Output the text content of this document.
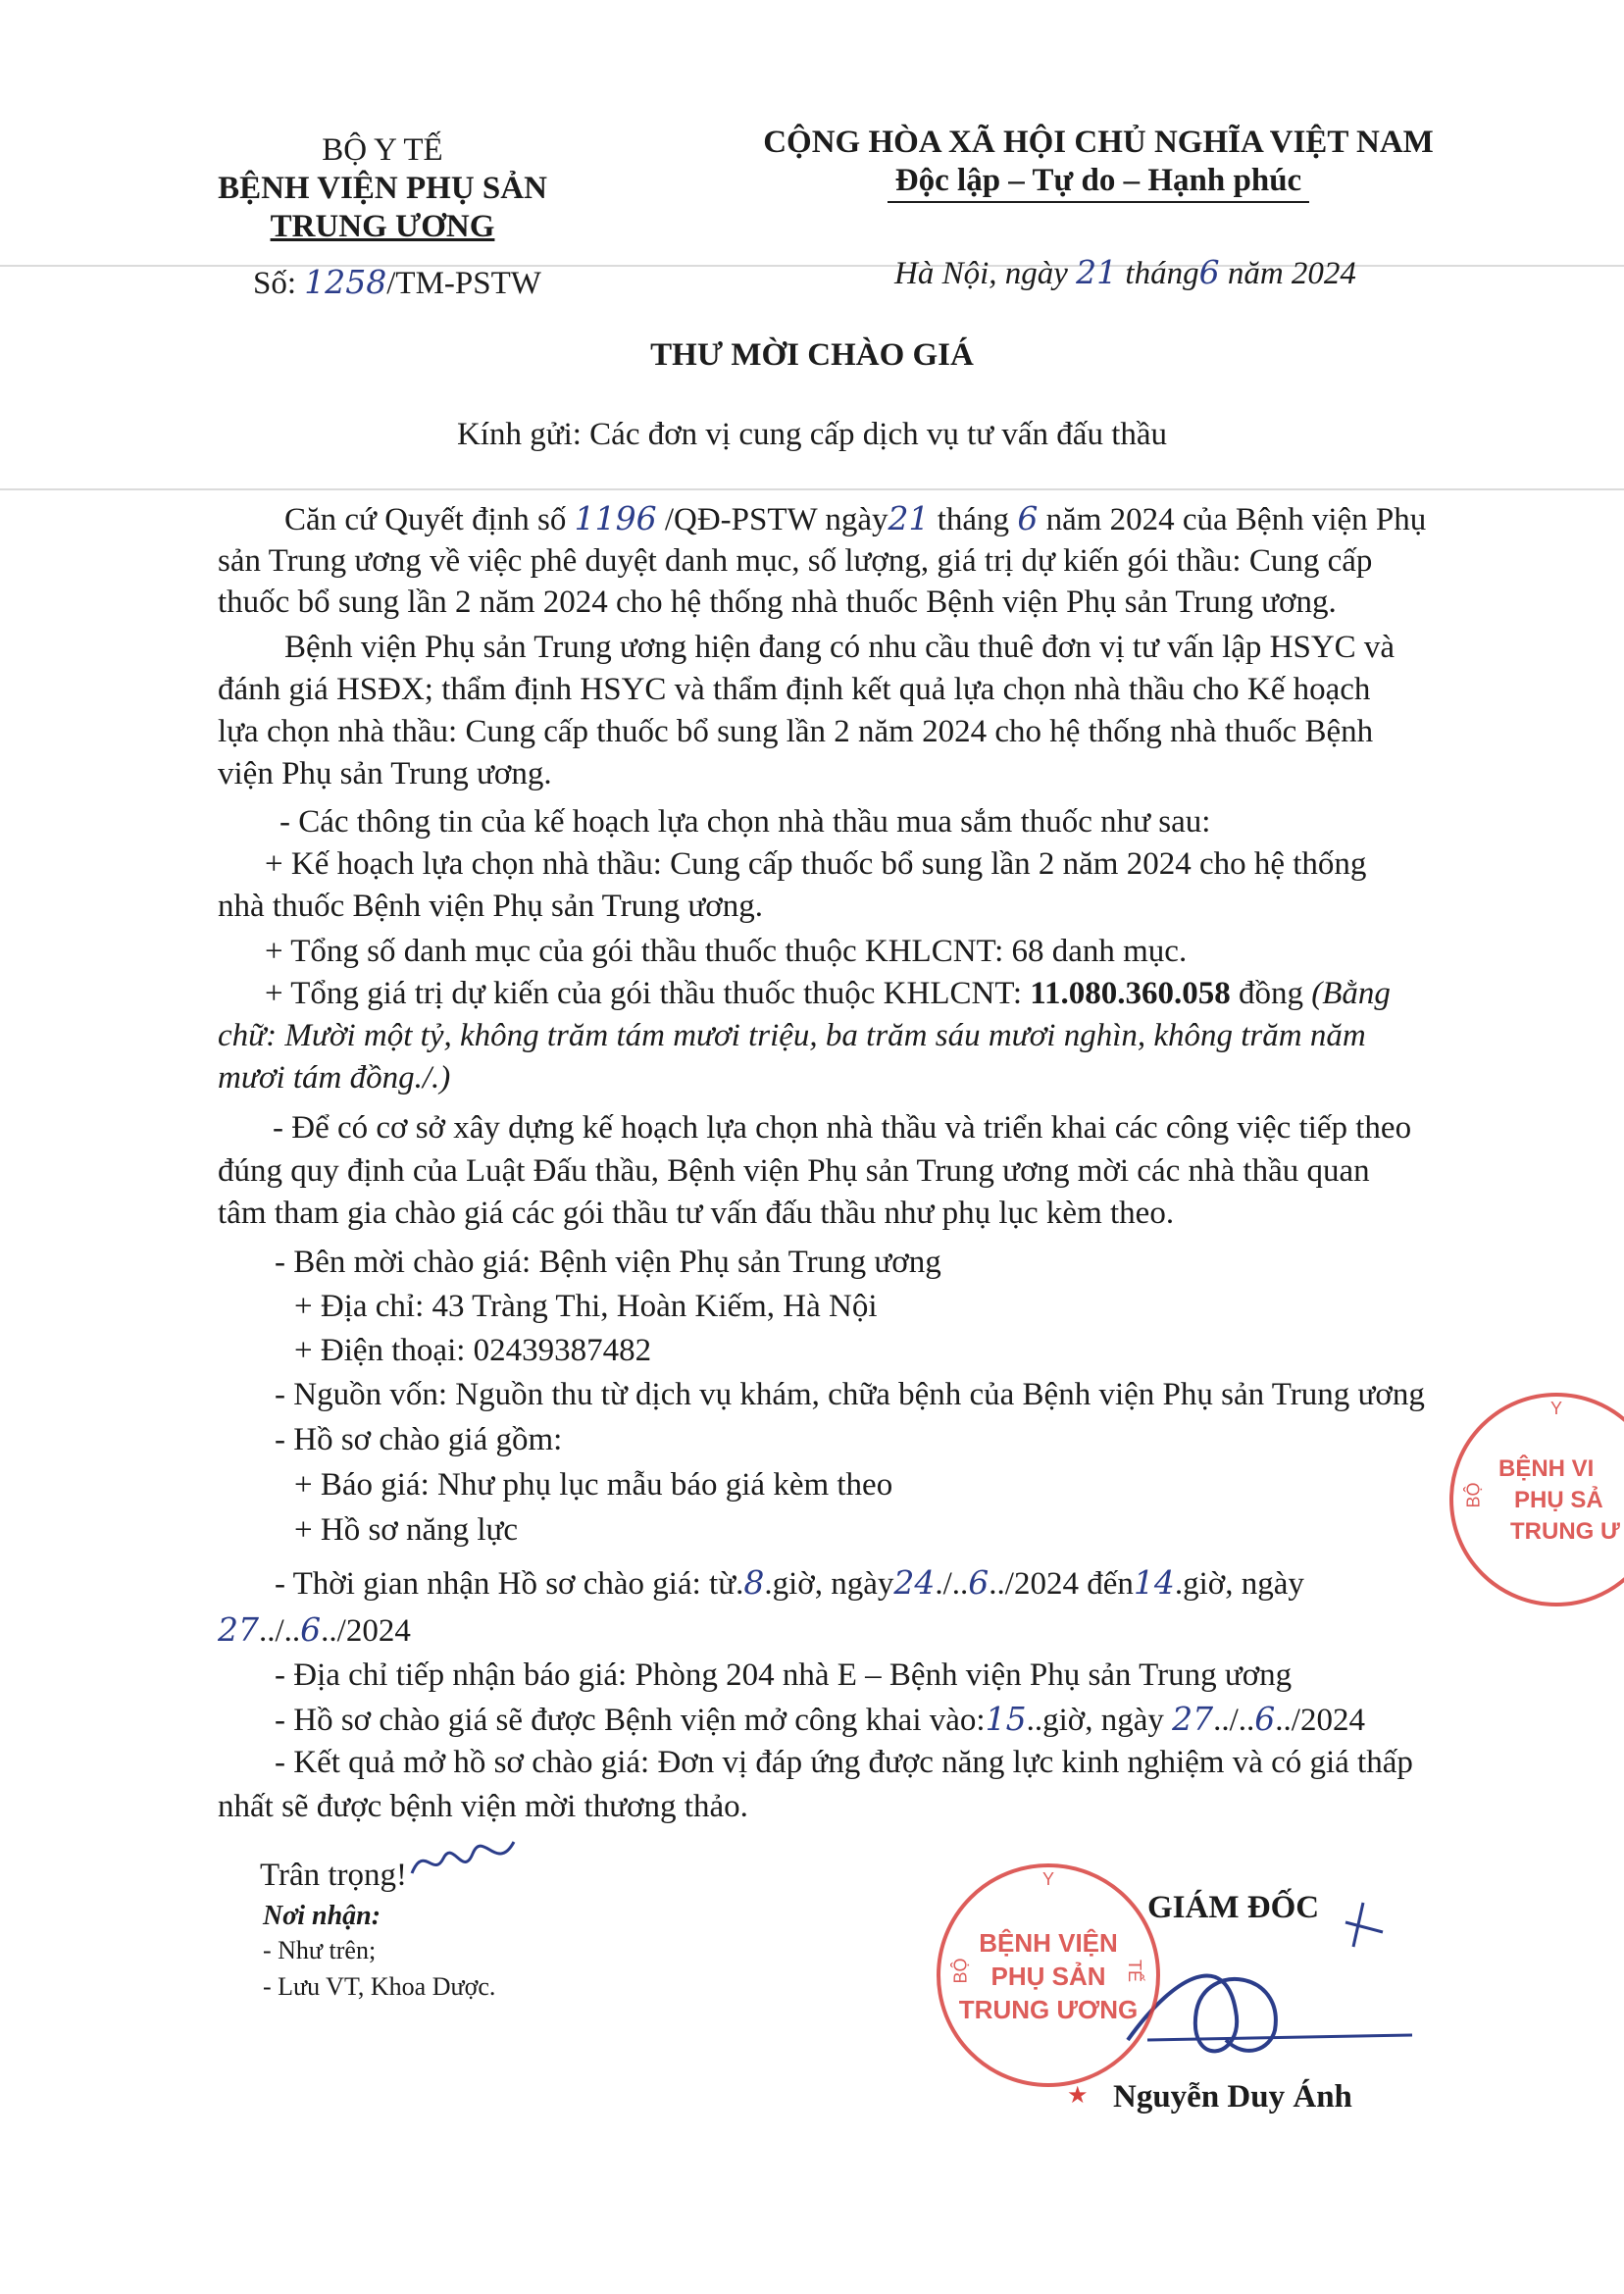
BỘ Y TẾ
BỆNH VIỆN PHỤ SẢN
TRUNG ƯƠNG
Số: 1258/TM-PSTW
CỘNG HÒA XÃ HỘI CHỦ NGHĨA VIỆT NAM
Độc lập – Tự do – Hạnh phúc
Hà Nội, ngày 21 tháng6 năm 2024
THƯ MỜI CHÀO GIÁ
Kính gửi: Các đơn vị cung cấp dịch vụ tư vấn đấu thầu
Căn cứ Quyết định số 1196 /QĐ-PSTW ngày21 tháng 6 năm 2024 của Bệnh viện Phụ
sản Trung ương về việc phê duyệt danh mục, số lượng, giá trị dự kiến gói thầu: Cung cấp
thuốc bổ sung lần 2 năm 2024 cho hệ thống nhà thuốc Bệnh viện Phụ sản Trung ương.
Bệnh viện Phụ sản Trung ương hiện đang có nhu cầu thuê đơn vị tư vấn lập HSYC và
đánh giá HSĐX; thẩm định HSYC và thẩm định kết quả lựa chọn nhà thầu cho Kế hoạch
lựa chọn nhà thầu: Cung cấp thuốc bổ sung lần 2 năm 2024 cho hệ thống nhà thuốc Bệnh
viện Phụ sản Trung ương.
- Các thông tin của kế hoạch lựa chọn nhà thầu mua sắm thuốc như sau:
+ Kế hoạch lựa chọn nhà thầu: Cung cấp thuốc bổ sung lần 2 năm 2024 cho hệ thống
nhà thuốc Bệnh viện Phụ sản Trung ương.
+ Tổng số danh mục của gói thầu thuốc thuộc KHLCNT: 68 danh mục.
+ Tổng giá trị dự kiến của gói thầu thuốc thuộc KHLCNT: 11.080.360.058 đồng (Bằng
chữ: Mười một tỷ, không trăm tám mươi triệu, ba trăm sáu mươi nghìn, không trăm năm
mươi tám đồng./.)
- Để có cơ sở xây dựng kế hoạch lựa chọn nhà thầu và triển khai các công việc tiếp theo
đúng quy định của Luật Đấu thầu, Bệnh viện Phụ sản Trung ương mời các nhà thầu quan
tâm tham gia chào giá các gói thầu tư vấn đấu thầu như phụ lục kèm theo.
- Bên mời chào giá: Bệnh viện Phụ sản Trung ương
+ Địa chỉ: 43 Tràng Thi, Hoàn Kiếm, Hà Nội
+ Điện thoại: 02439387482
- Nguồn vốn: Nguồn thu từ dịch vụ khám, chữa bệnh của Bệnh viện Phụ sản Trung ương
- Hồ sơ chào giá gồm:
+ Báo giá: Như phụ lục mẫu báo giá kèm theo
+ Hồ sơ năng lực
- Thời gian nhận Hồ sơ chào giá: từ.8.giờ, ngày24./..6../2024 đến14.giờ, ngày
27../..6../2024
- Địa chỉ tiếp nhận báo giá: Phòng 204 nhà E – Bệnh viện Phụ sản Trung ương
- Hồ sơ chào giá sẽ được Bệnh viện mở công khai vào:15..giờ, ngày 27../..6../2024
- Kết quả mở hồ sơ chào giá: Đơn vị đáp ứng được năng lực kinh nghiệm và có giá thấp
nhất sẽ được bệnh viện mời thương thảo.
Trân trọng!
Nơi nhận:
- Như trên;
- Lưu VT, Khoa Dược.
GIÁM ĐỐC
Nguyễn Duy Ánh
Y
BỘ	TẾ
BỆNH VIỆN
PHỤ SẢN
TRUNG ƯƠNG
★
Y
BỘ
BỆNH VI
PHỤ SẢ
TRUNG Ư
